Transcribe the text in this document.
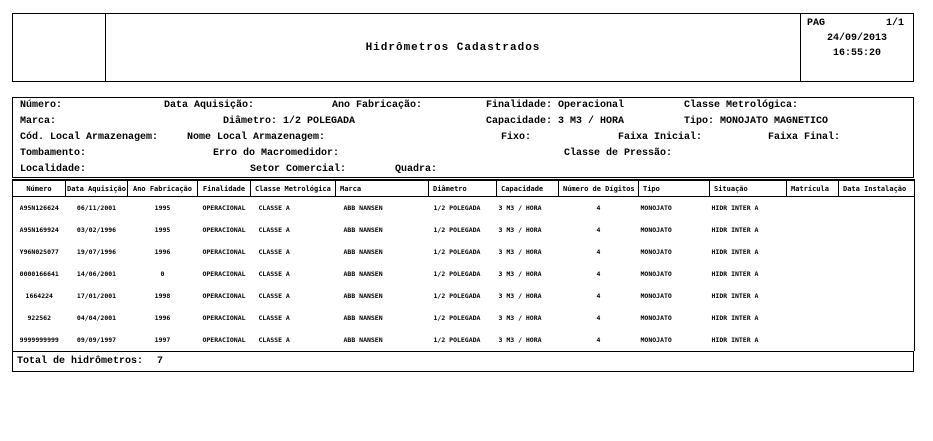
Hidrômetros Cadastrados
PAG	1/1
24/09/2013
16:55:20
Número:	Data Aquisição:	Ano Fabricação:	Finalidade: Operacional	Classe Metrológica:
Marca:	Diâmetro: 1/2 POLEGADA	Capacidade: 3 M3 / HORA	Tipo: MONOJATO MAGNETICO
Cód. Local Armazenagem:	Nome Local Armazenagem:	Fixo:	Faixa Inicial:	Faixa Final:
Tombamento:	Erro do Macromedidor:	Classe de Pressão:
Localidade:	Setor Comercial:	Quadra:
Número	Data Aquisição	Ano Fabricação	Finalidade	Classe Metrológica	Marca	Diâmetro	Capacidade	Número de Dígitos	Tipo	Situação	Matrícula	Data Instalação
A95N126624	06/11/2001	1995	OPERACIONAL	CLASSE A	ABB NANSEN	1/2 POLEGADA	3 M3 / HORA	4	MONOJATO	HIDR INTER A		
A95N169924	03/02/1996	1995	OPERACIONAL	CLASSE A	ABB NANSEN	1/2 POLEGADA	3 M3 / HORA	4	MONOJATO	HIDR INTER A		
Y96N025077	19/07/1996	1996	OPERACIONAL	CLASSE A	ABB NANSEN	1/2 POLEGADA	3 M3 / HORA	4	MONOJATO	HIDR INTER A		
0000166641	14/06/2001	0	OPERACIONAL	CLASSE A	ABB NANSEN	1/2 POLEGADA	3 M3 / HORA	4	MONOJATO	HIDR INTER A		
1664224	17/01/2001	1998	OPERACIONAL	CLASSE A	ABB NANSEN	1/2 POLEGADA	3 M3 / HORA	4	MONOJATO	HIDR INTER A		
922562	04/04/2001	1996	OPERACIONAL	CLASSE A	ABB NANSEN	1/2 POLEGADA	3 M3 / HORA	4	MONOJATO	HIDR INTER A		
9999999999	09/09/1997	1997	OPERACIONAL	CLASSE A	ABB NANSEN	1/2 POLEGADA	3 M3 / HORA	4	MONOJATO	HIDR INTER A		
Total de hidrômetros: 7
